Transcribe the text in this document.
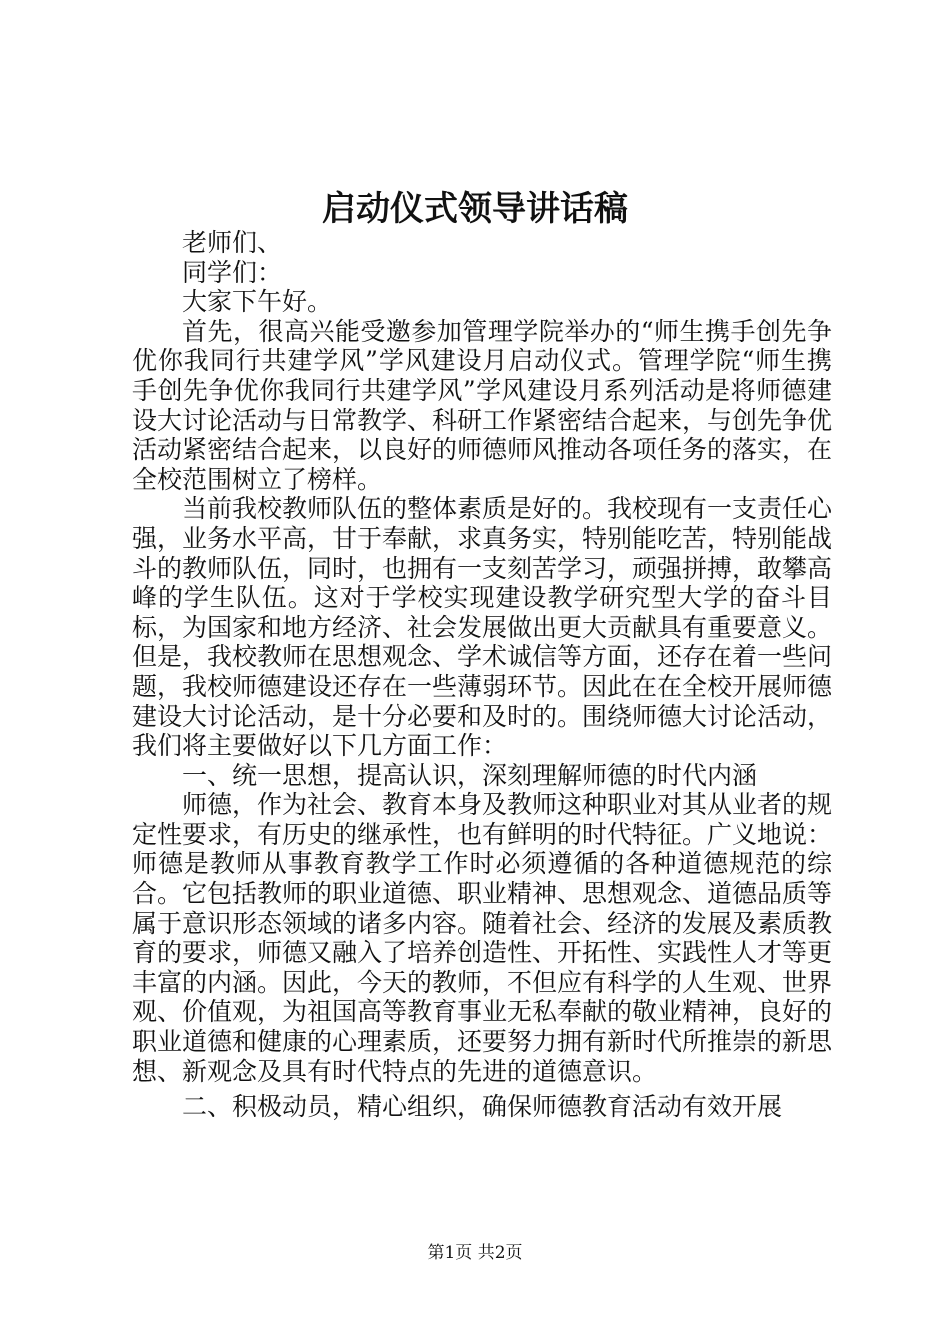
启动仪式领导讲话稿

老师们、

同学们：

大家下午好。

首先，很高兴能受邀参加管理学院举办的“师生携手创先争优你我同行共建学风”学风建设月启动仪式。管理学院“师生携手创先争优你我同行共建学风”学风建设月系列活动是将师德建设大讨论活动与日常教学、科研工作紧密结合起来，与创先争优活动紧密结合起来，以良好的师德师风推动各项任务的落实，在全校范围树立了榜样。

当前我校教师队伍的整体素质是好的。我校现有一支责任心强，业务水平高，甘于奉献，求真务实，特别能吃苦，特别能战斗的教师队伍，同时，也拥有一支刻苦学习，顽强拼搏，敢攀高峰的学生队伍。这对于学校实现建设教学研究型大学的奋斗目标，为国家和地方经济、社会发展做出更大贡献具有重要意义。但是，我校教师在思想观念、学术诚信等方面，还存在着一些问题，我校师德建设还存在一些薄弱环节。因此在在全校开展师德建设大讨论活动，是十分必要和及时的。围绕师德大讨论活动，我们将主要做好以下几方面工作：

一、统一思想，提高认识，深刻理解师德的时代内涵

师德，作为社会、教育本身及教师这种职业对其从业者的规定性要求，有历史的继承性，也有鲜明的时代特征。广义地说：师德是教师从事教育教学工作时必须遵循的各种道德规范的综合。它包括教师的职业道德、职业精神、思想观念、道德品质等属于意识形态领域的诸多内容。随着社会、经济的发展及素质教育的要求，师德又融入了培养创造性、开拓性、实践性人才等更丰富的内涵。因此，今天的教师，不但应有科学的人生观、世界观、价值观，为祖国高等教育事业无私奉献的敬业精神，良好的职业道德和健康的心理素质，还要努力拥有新时代所推崇的新思想、新观念及具有时代特点的先进的道德意识。

二、积极动员，精心组织，确保师德教育活动有效开展

第1页 共2页
